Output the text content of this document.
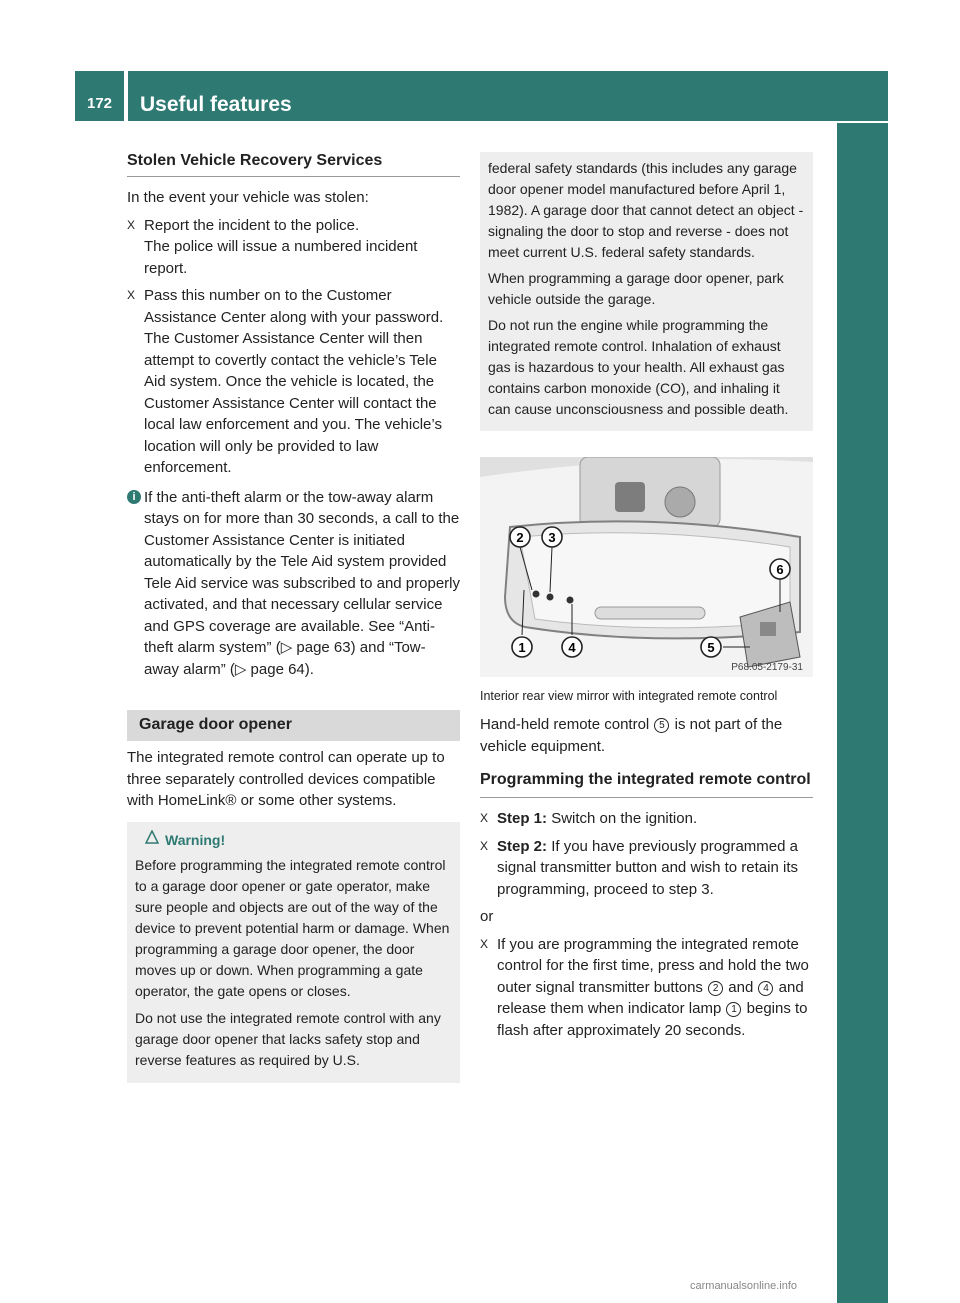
172	Useful features
Controls in detail
Stolen Vehicle Recovery Services

In the event your vehicle was stolen:

X Report the incident to the police.
The police will issue a numbered incident report.
X Pass this number on to the Customer Assistance Center along with your password.
The Customer Assistance Center will then attempt to covertly contact the vehicle’s Tele Aid system. Once the vehicle is located, the Customer Assistance Center will contact the local law enforcement and you. The vehicle’s location will only be provided to law enforcement.
i If the anti-theft alarm or the tow-away alarm stays on for more than 30 seconds, a call to the Customer Assistance Center is initiated automatically by the Tele Aid system provided Tele Aid service was subscribed to and properly activated, and that necessary cellular service and GPS coverage are available. See “Anti-theft alarm system” (▷ page 63) and “Tow-away alarm” (▷ page 64).
Garage door opener

The integrated remote control can operate up to three separately controlled devices compatible with HomeLink® or some other systems.

Warning!

Before programming the integrated remote control to a garage door opener or gate operator, make sure people and objects are out of the way of the device to prevent potential harm or damage. When programming a garage door opener, the door moves up or down. When programming a gate operator, the gate opens or closes.

Do not use the integrated remote control with any garage door opener that lacks safety stop and reverse features as required by U.S.

federal safety standards (this includes any garage door opener model manufactured before April 1, 1982). A garage door that cannot detect an object - signaling the door to stop and reverse - does not meet current U.S. federal safety standards.

When programming a garage door opener, park vehicle outside the garage.

Do not run the engine while programming the integrated remote control. Inhalation of exhaust gas is hazardous to your health. All exhaust gas contains carbon monoxide (CO), and inhaling it can cause unconsciousness and possible death.

2 3
1	4	5
6
P68.05-2179-31
Interior rear view mirror with integrated remote control

Hand-held remote control 5 is not part of the vehicle equipment.

Programming the integrated remote control
X Step 1: Switch on the ignition.
X Step 2: If you have previously programmed a signal transmitter button and wish to retain its programming, proceed to step 3.

or

X If you are programming the integrated remote control for the first time, press and hold the two outer signal transmitter buttons 2 and 4 and release them when indicator lamp 1 begins to flash after approximately 20 seconds.
carmanualsonline.info
